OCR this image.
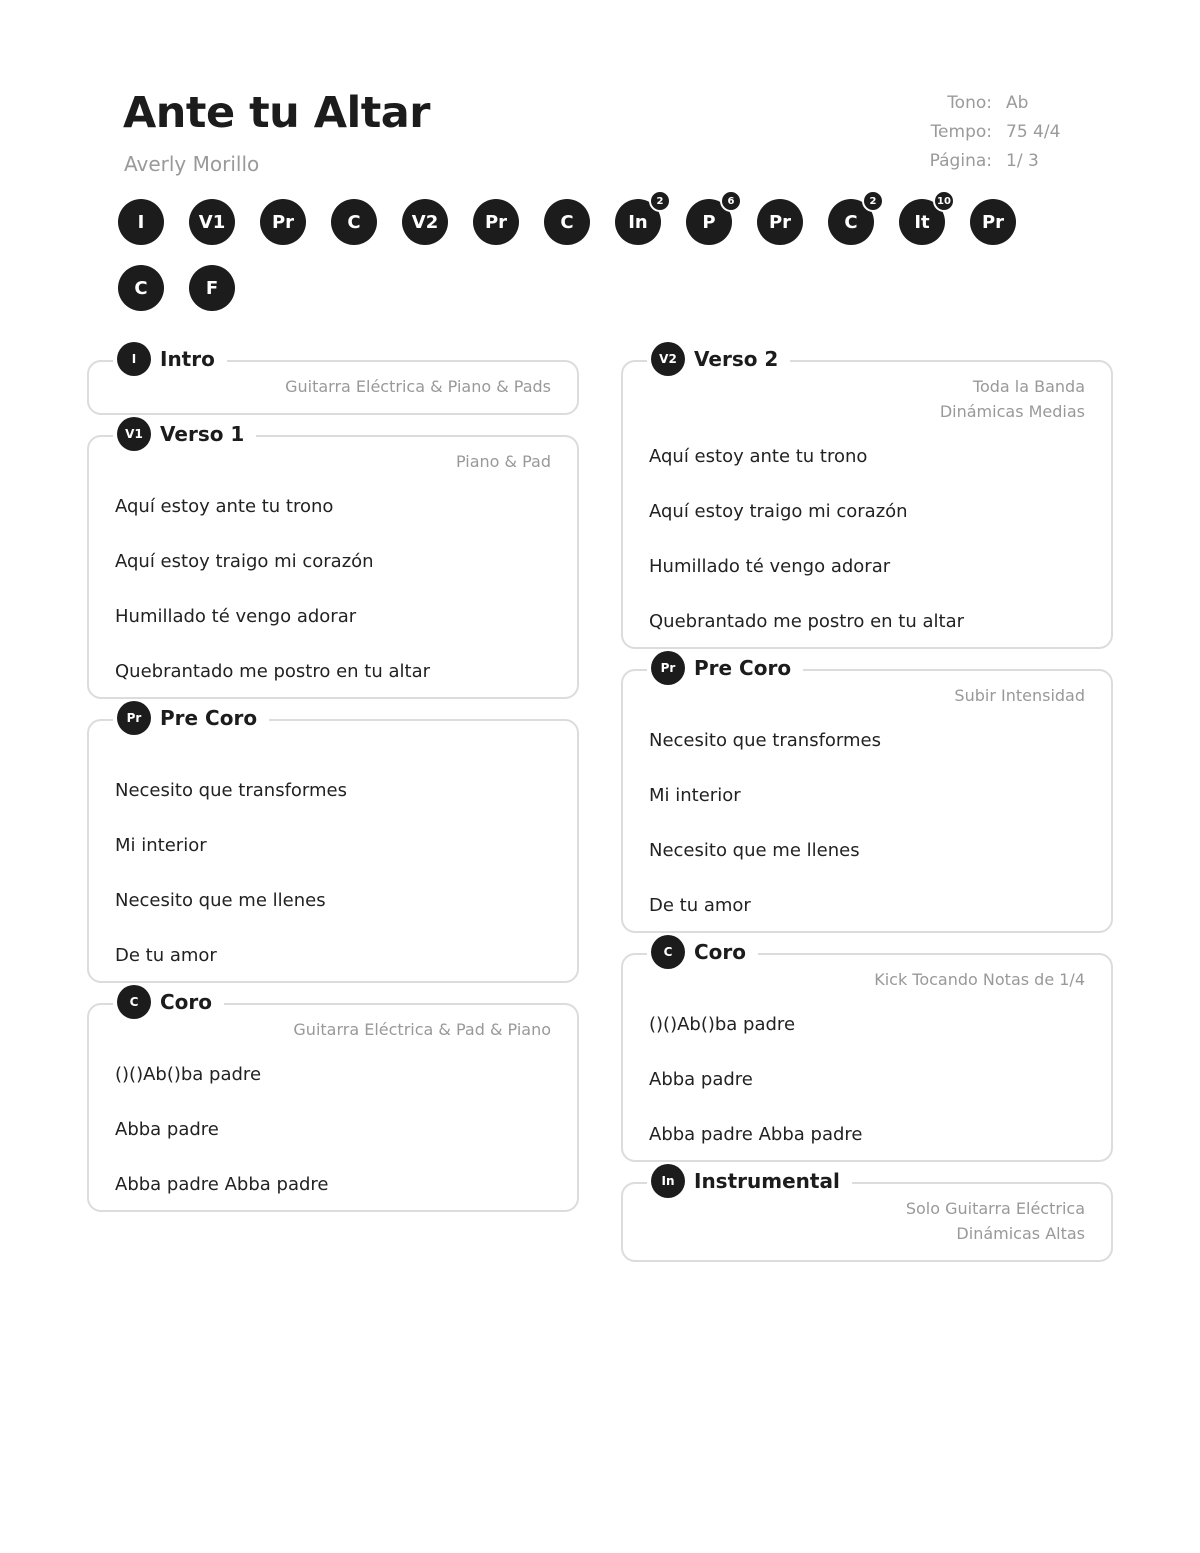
Ante tu Altar
Averly Morillo
Tono: Ab
Tempo: 75 4/4
Página: 1/ 3
I	V1	Pr	C	V2	Pr	C	In
2
P
6
Pr	C
2
It
10
Pr
C	F
I	Intro
Guitarra Eléctrica & Piano & Pads
V1 Verso 1
Piano & Pad
Aquí estoy ante tu trono
Aquí estoy traigo mi corazón
Humillado té vengo adorar
Quebrantado me postro en tu altar
Pr Pre Coro
Necesito que transformes
Mi interior
Necesito que me llenes
De tu amor
C	Coro
Guitarra Eléctrica & Pad & Piano
()()Ab()ba padre
Abba padre
Abba padre Abba padre
V2 Verso 2
Toda la Banda
Dinámicas Medias
Aquí estoy ante tu trono
Aquí estoy traigo mi corazón
Humillado té vengo adorar
Quebrantado me postro en tu altar
Pr Pre Coro
Subir Intensidad
Necesito que transformes
Mi interior
Necesito que me llenes
De tu amor
C	Coro
Kick Tocando Notas de 1/4
()()Ab()ba padre
Abba padre
Abba padre Abba padre
In Instrumental
Solo Guitarra Eléctrica
Dinámicas Altas
